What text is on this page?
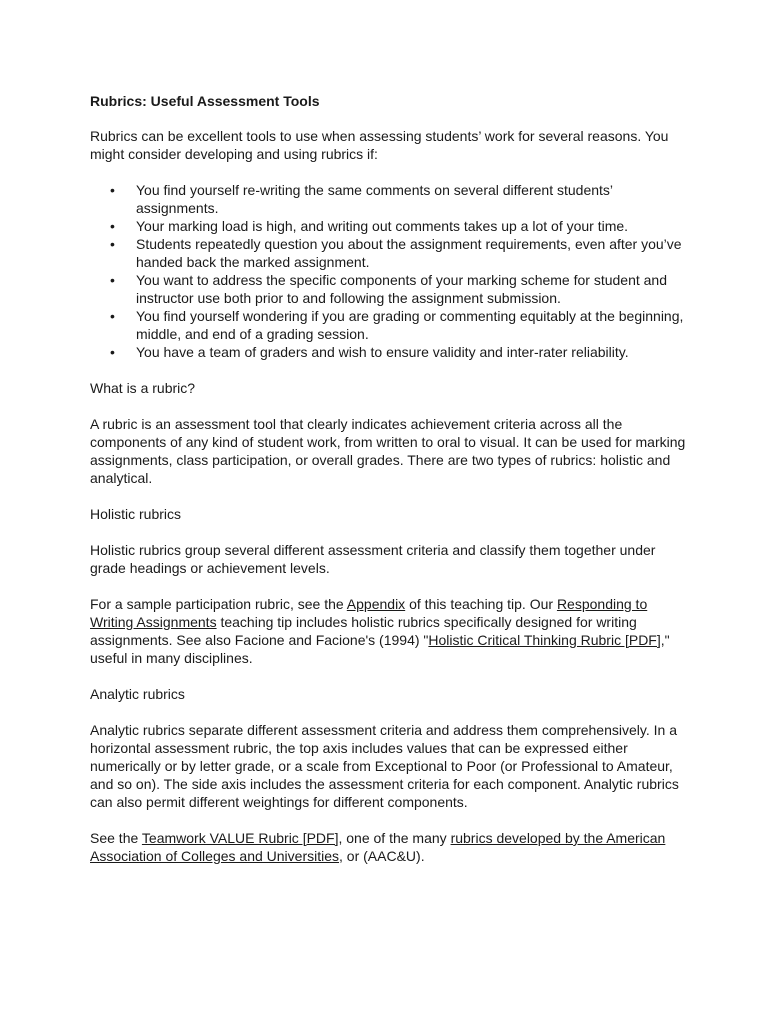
Rubrics: Useful Assessment Tools

Rubrics can be excellent tools to use when assessing students’ work for several reasons. You might consider developing and using rubrics if:

• You find yourself re-writing the same comments on several different students’ assignments.
• Your marking load is high, and writing out comments takes up a lot of your time.
• Students repeatedly question you about the assignment requirements, even after you’ve handed back the marked assignment.
• You want to address the specific components of your marking scheme for student and instructor use both prior to and following the assignment submission.
• You find yourself wondering if you are grading or commenting equitably at the beginning, middle, and end of a grading session.
• You have a team of graders and wish to ensure validity and inter-rater reliability.

What is a rubric?

A rubric is an assessment tool that clearly indicates achievement criteria across all the components of any kind of student work, from written to oral to visual. It can be used for marking assignments, class participation, or overall grades. There are two types of rubrics: holistic and analytical.

Holistic rubrics

Holistic rubrics group several different assessment criteria and classify them together under grade headings or achievement levels.

For a sample participation rubric, see the Appendix of this teaching tip. Our Responding to Writing Assignments teaching tip includes holistic rubrics specifically designed for writing assignments. See also Facione and Facione's (1994) "Holistic Critical Thinking Rubric [PDF]," useful in many disciplines.

Analytic rubrics

Analytic rubrics separate different assessment criteria and address them comprehensively. In a horizontal assessment rubric, the top axis includes values that can be expressed either numerically or by letter grade, or a scale from Exceptional to Poor (or Professional to Amateur, and so on). The side axis includes the assessment criteria for each component. Analytic rubrics can also permit different weightings for different components.

See the Teamwork VALUE Rubric [PDF], one of the many rubrics developed by the American Association of Colleges and Universities, or (AAC&U).
